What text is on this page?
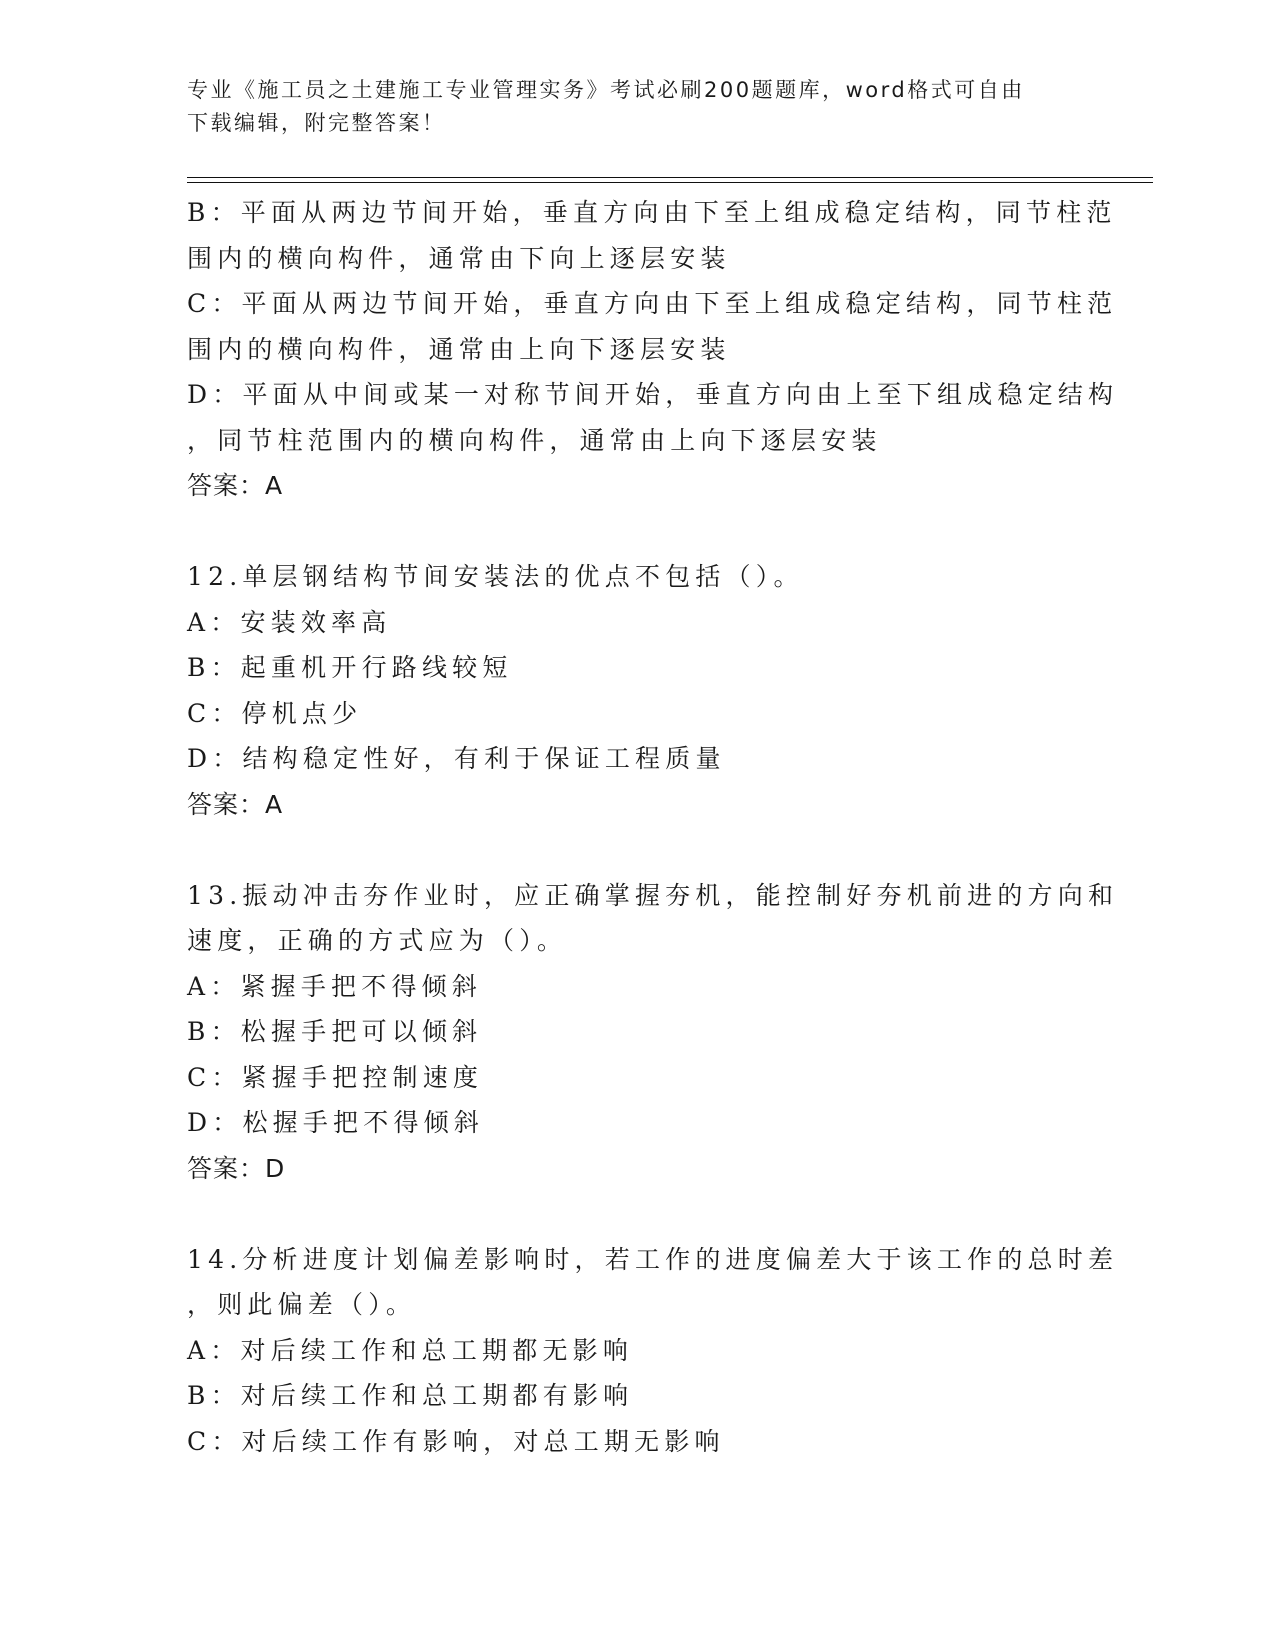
专业《施工员之土建施工专业管理实务》考试必刷200题题库，word格式可自由
下载编辑，附完整答案！
B：平面从两边节间开始，垂直方向由下至上组成稳定结构，同节柱范
围内的横向构件，通常由下向上逐层安装
C：平面从两边节间开始，垂直方向由下至上组成稳定结构，同节柱范
围内的横向构件，通常由上向下逐层安装
D：平面从中间或某一对称节间开始，垂直方向由上至下组成稳定结构
，同节柱范围内的横向构件，通常由上向下逐层安装
答案：A
12.单层钢结构节间安装法的优点不包括（）。
A：安装效率高
B：起重机开行路线较短
C：停机点少
D：结构稳定性好，有利于保证工程质量
答案：A
13.振动冲击夯作业时，应正确掌握夯机，能控制好夯机前进的方向和
速度，正确的方式应为（）。
A：紧握手把不得倾斜
B：松握手把可以倾斜
C：紧握手把控制速度
D：松握手把不得倾斜
答案：D
14.分析进度计划偏差影响时，若工作的进度偏差大于该工作的总时差
，则此偏差（）。
A：对后续工作和总工期都无影响
B：对后续工作和总工期都有影响
C：对后续工作有影响，对总工期无影响
